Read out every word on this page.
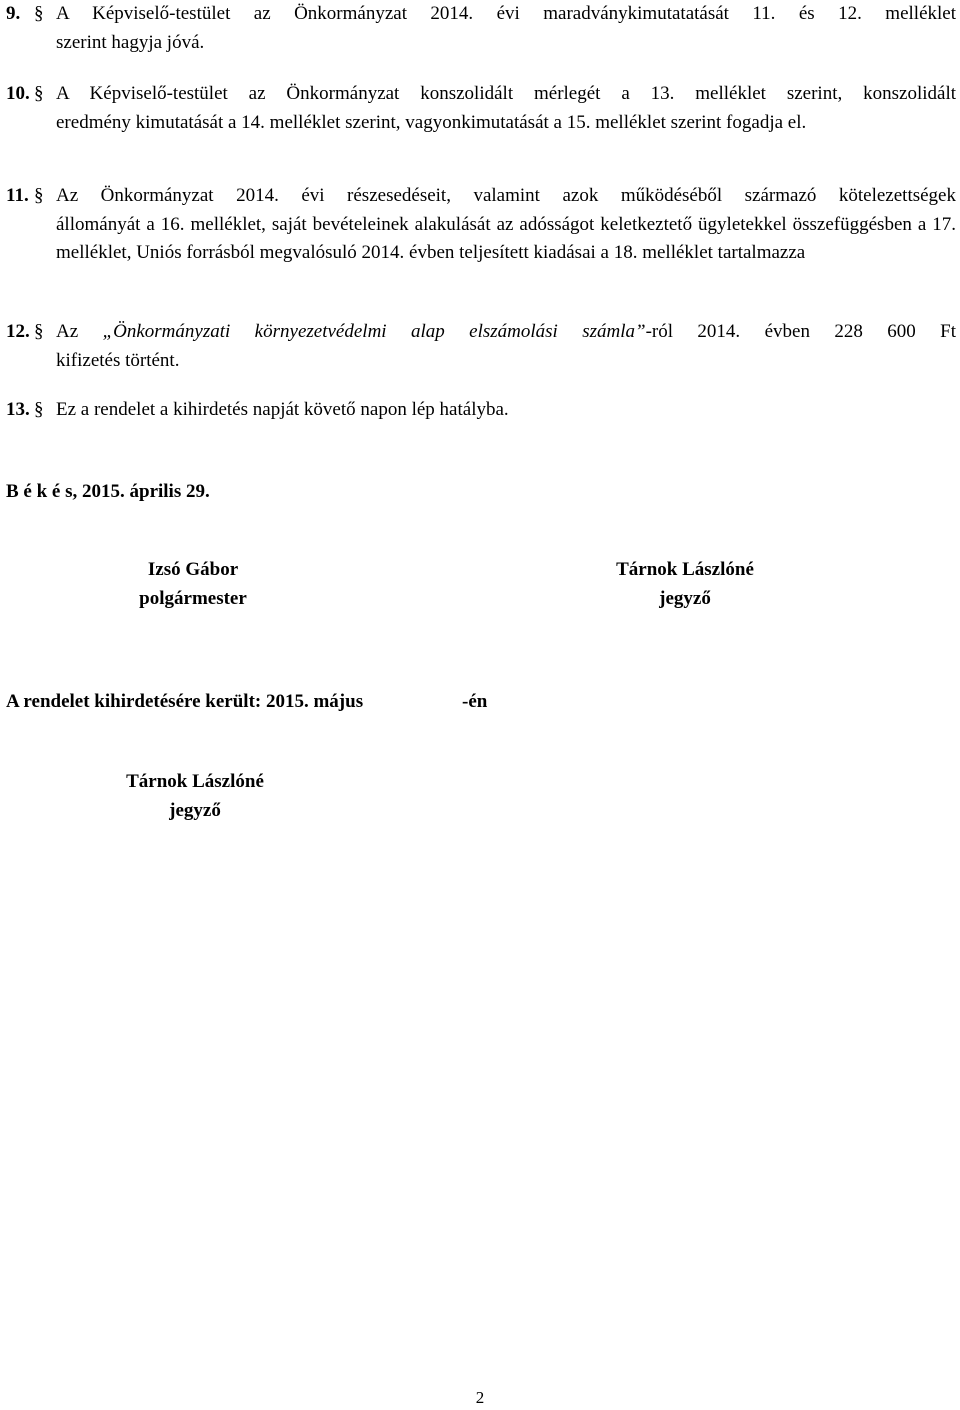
9. § A Képviselő-testület az Önkormányzat 2014. évi maradványkimutatatását 11. és 12. melléklet
szerint hagyja jóvá.
10. § A Képviselő-testület az Önkormányzat konszolidált mérlegét a 13. melléklet szerint, konszolidált
eredmény kimutatását a 14. melléklet szerint, vagyonkimutatását a 15. melléklet szerint fogadja el.
11. § Az Önkormányzat 2014. évi részesedéseit, valamint azok működéséből származó kötelezettségek
állományát a 16. melléklet, saját bevételeinek alakulását az adósságot keletkeztető ügyletekkel összefüggésben a 17. melléklet, Uniós forrásból megvalósuló 2014. évben teljesített kiadásai a 18. melléklet tartalmazza
12. § Az „Önkormányzati környezetvédelmi alap elszámolási számla”-ról 2014. évben 228 600 Ft
kifizetés történt.
13. § Ez a rendelet a kihirdetés napját követő napon lép hatályba.
B é k é s, 2015. április 29.
Izsó Gábor
polgármester
Tárnok Lászlóné
jegyző
A rendelet kihirdetésére került: 2015. május	-én
Tárnok Lászlóné
jegyző
2
